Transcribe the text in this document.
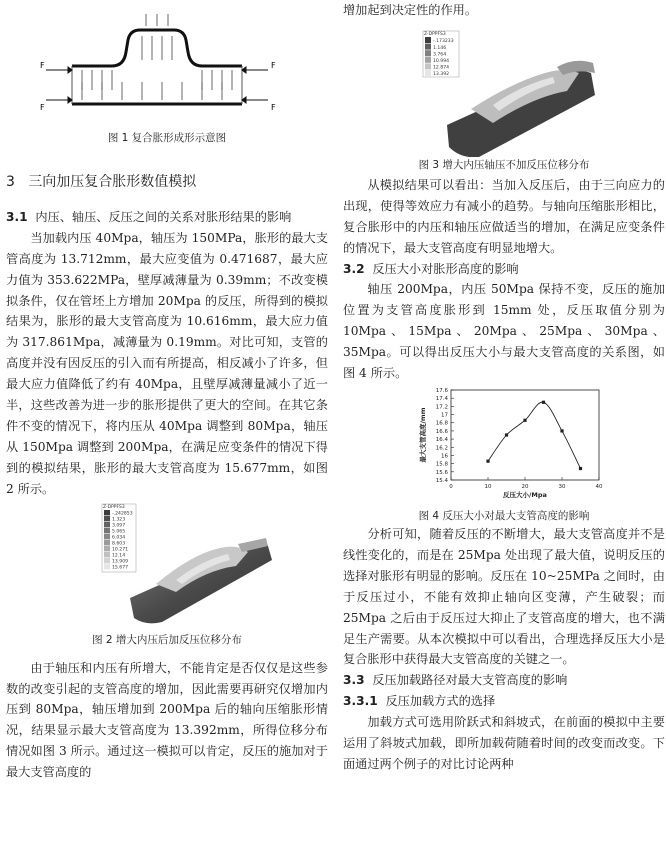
F
F
F
F
图 1 复合胀形成形示意图
3 三向加压复合胀形数值模拟
3.1 内压、轴压、反压之间的关系对胀形结果的影响

当加载内压 40Mpa，轴压为 150MPa，胀形的最大支管高度为 13.712mm，最大应变值为 0.471687，最大应力值为 353.622MPa，壁厚减薄量为 0.39mm；不改变模拟条件，仅在管坯上方增加 20Mpa 的反压，所得到的模拟结果为，胀形的最大支管高度为 10.616mm，最大应力值为 317.861Mpa，减薄量为 0.19mm。对比可知，支管的高度并没有因反压的引入而有所提高，相反减小了许多，但最大应力值降低了约有 40Mpa，且壁厚减薄量减小了近一半，这些改善为进一步的胀形提供了更大的空间。在其它条件不变的情况下，将内压从 40Mpa 调整到 80Mpa，轴压从 150Mpa 调整到 200Mpa，在满足应变条件的情况下得到的模拟结果，胀形的最大支管高度为 15.677mm，如图 2 所示。

Z-DPPFS3
-.242853
1.323
3.097
5.065
6.034
8.603
10.271
12.14
13.909
15.677
图 2 增大内压后加反压位移分布

由于轴压和内压有所增大，不能肯定是否仅仅是这些参数的改变引起的支管高度的增加，因此需要再研究仅增加内压到 80Mpa，轴压增加到 200Mpa 后的轴向压缩胀形情况，结果显示最大支管高度为 13.392mm，所得位移分布情况如图 3 所示。通过这一模拟可以肯定，反压的施加对于最大支管高度的

增加起到决定性的作用。

Z-DPPFS3
-.173233
1.146
3.764
10.994
12.874
13.392
图 3 增大内压轴压不加反压位移分布

从模拟结果可以看出：当加入反压后，由于三向应力的出现，使得等效应力有减小的趋势。与轴向压缩胀形相比，复合胀形中的内压和轴压应做适当的增加，在满足应变条件的情况下，最大支管高度有明显地增大。

3.2 反压大小对胀形高度的影响

轴压 200Mpa，内压 50Mpa 保持不变，反压的施加位置为支管高度胀形到 15mm 处，反压取值分别为 10Mpa、15Mpa、20Mpa、25Mpa、30Mpa、35Mpa。可以得出反压大小与最大支管高度的关系图，如图 4 所示。

15.4
15.6
15.8
16
16.2
16.4
16.6
16.8
17
17.2
17.4
17.6
0	10	20	30	40
反压大小/Mpa
最大支管高度/mm
图 4 反压大小对最大支管高度的影响

分析可知，随着反压的不断增大，最大支管高度并不是线性变化的，而是在 25Mpa 处出现了最大值，说明反压的选择对胀形有明显的影响。反压在 10~25MPa 之间时，由于反压过小，不能有效抑止轴向区变薄，产生破裂；而 25Mpa 之后由于反压过大抑止了支管高度的增大，也不满足生产需要。从本次模拟中可以看出，合理选择反压大小是复合胀形中获得最大支管高度的关键之一。

3.3 反压加载路径对最大支管高度的影响
3.3.1 反压加载方式的选择

加载方式可选用阶跃式和斜坡式，在前面的模拟中主要运用了斜坡式加载，即所加载荷随着时间的改变而改变。下面通过两个例子的对比讨论两种
